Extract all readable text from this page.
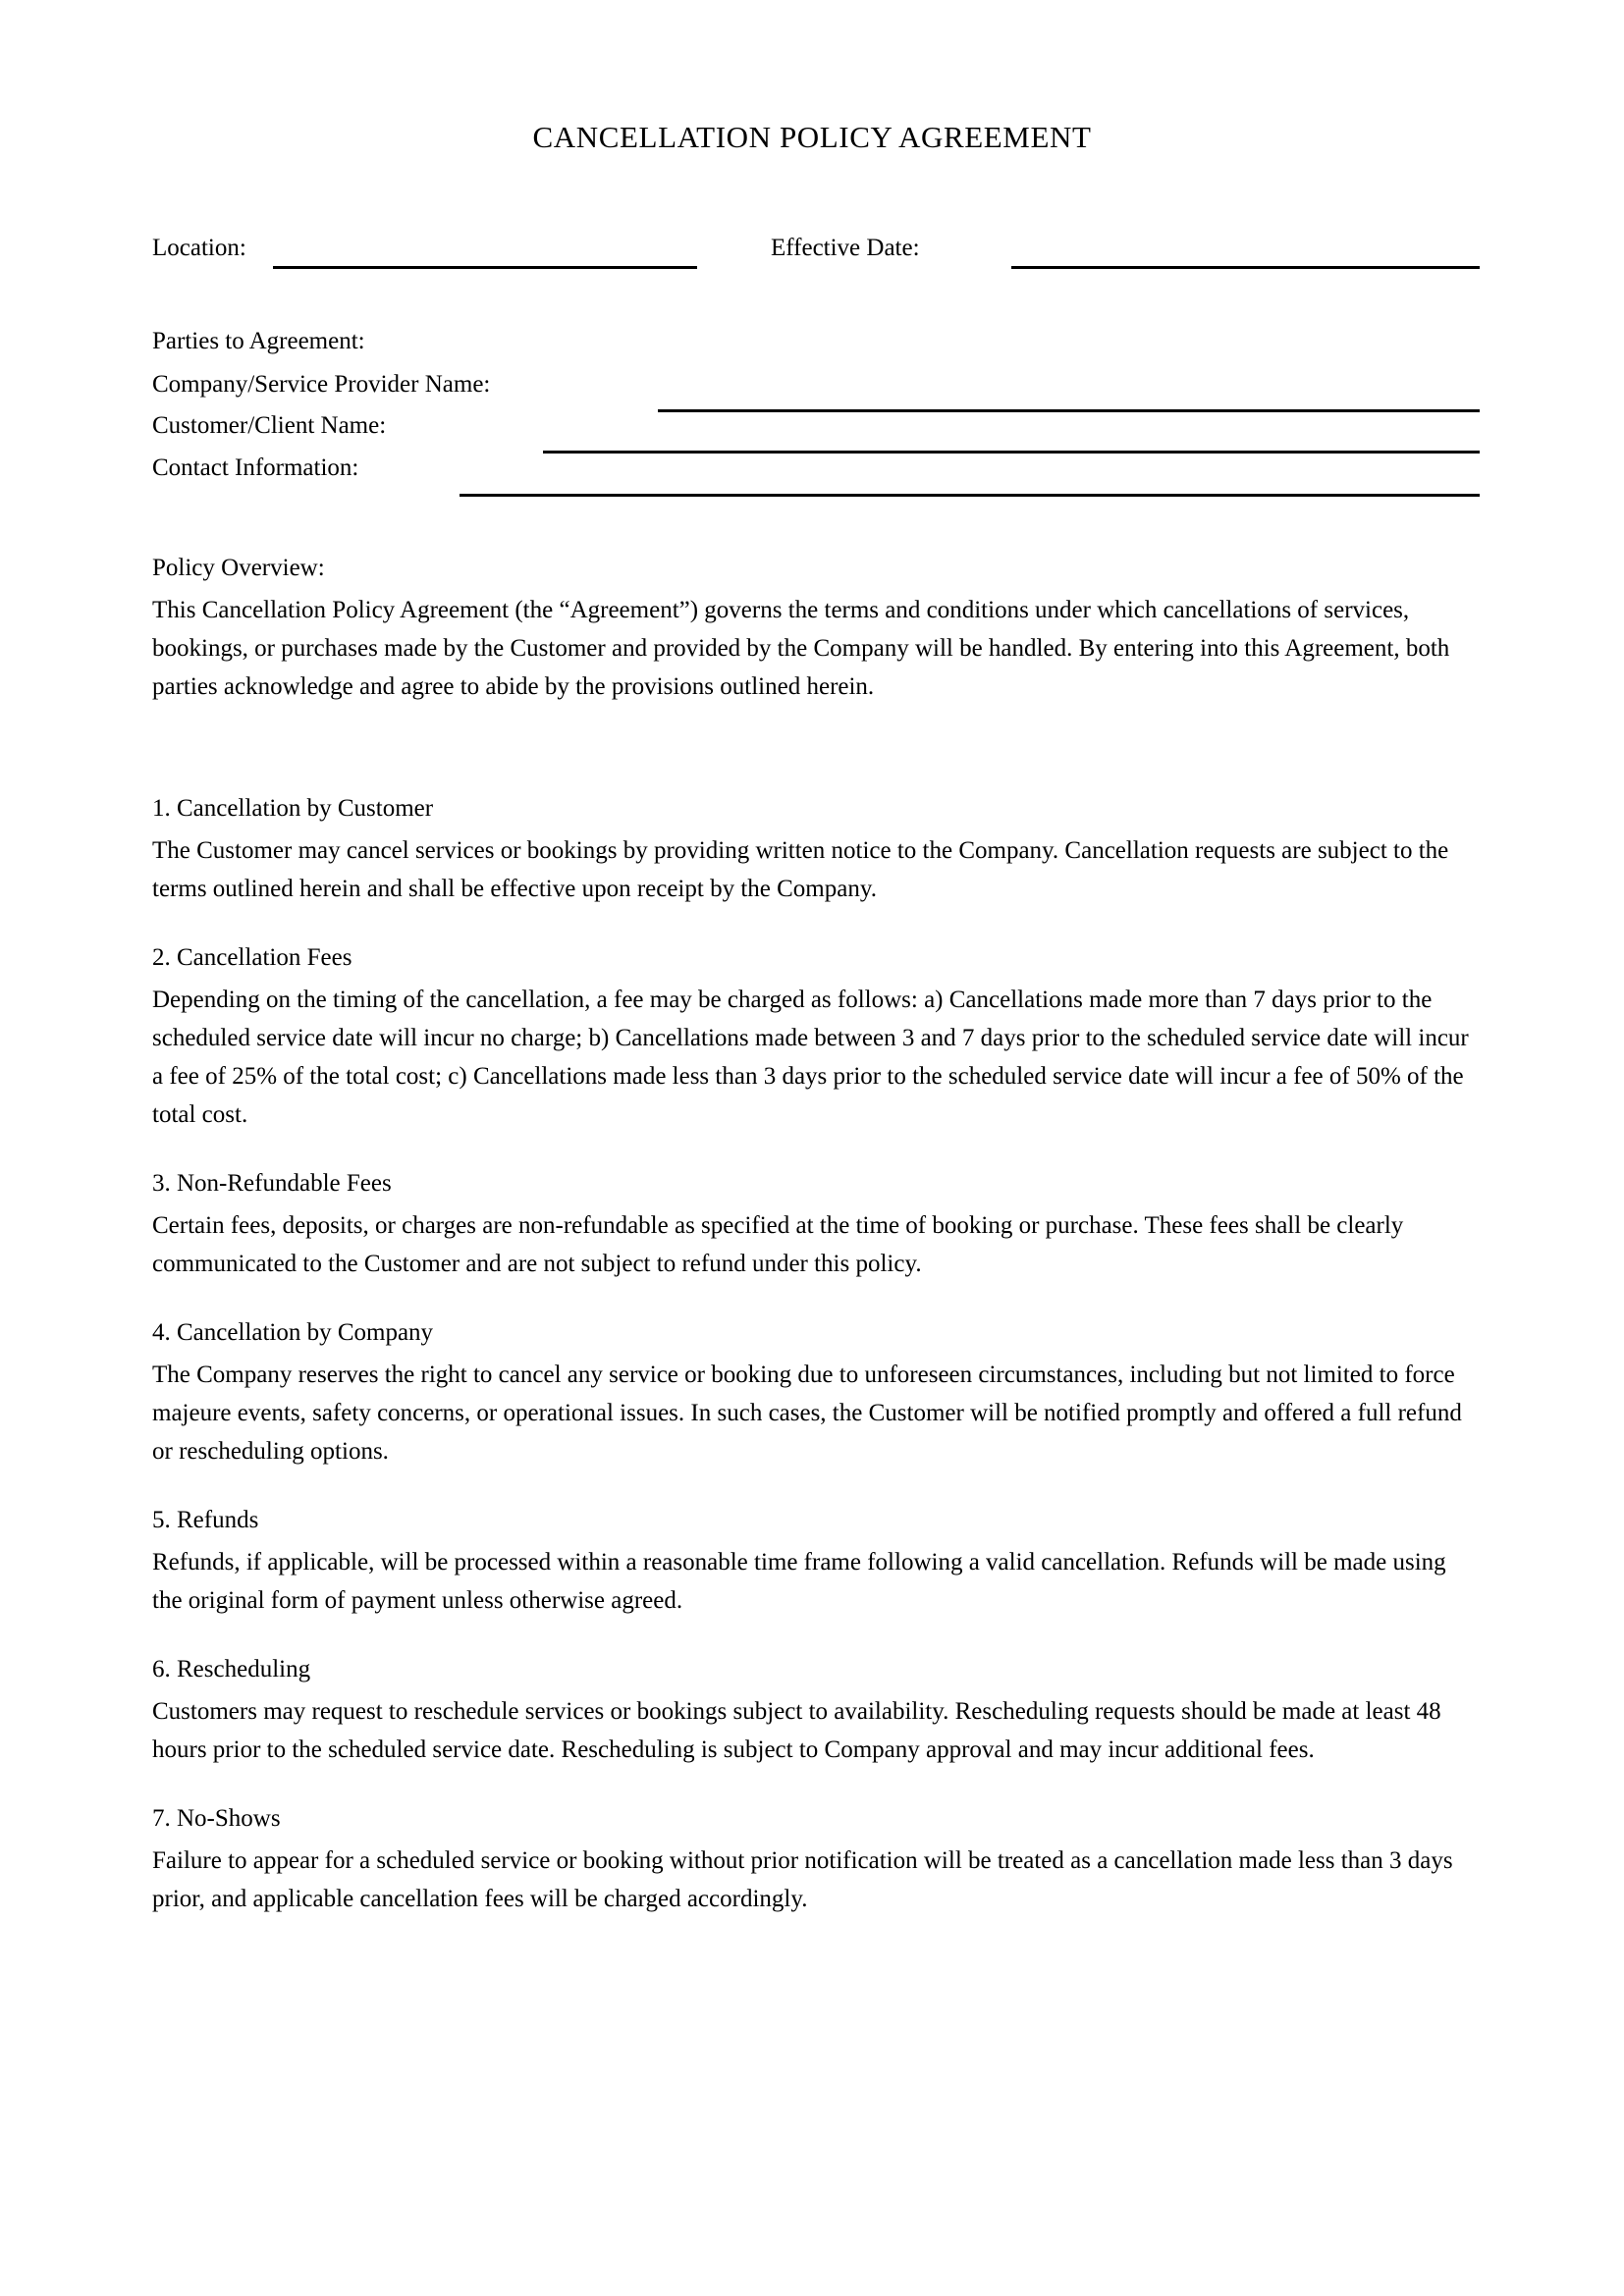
CANCELLATION POLICY AGREEMENT
Location:	Effective Date:
Parties to Agreement:
Company/Service Provider Name:
Customer/Client Name:
Contact Information:

Policy Overview:

This Cancellation Policy Agreement (the “Agreement”) governs the terms and conditions under which cancellations of services, bookings, or purchases made by the Customer and provided by the Company will be handled. By entering into this Agreement, both parties acknowledge and agree to abide by the provisions outlined herein.

1. Cancellation by Customer

The Customer may cancel services or bookings by providing written notice to the Company. Cancellation requests are subject to the terms outlined herein and shall be effective upon receipt by the Company.

2. Cancellation Fees

Depending on the timing of the cancellation, a fee may be charged as follows: a) Cancellations made more than 7 days prior to the scheduled service date will incur no charge; b) Cancellations made between 3 and 7 days prior to the scheduled service date will incur a fee of 25% of the total cost; c) Cancellations made less than 3 days prior to the scheduled service date will incur a fee of 50% of the total cost.

3. Non-Refundable Fees

Certain fees, deposits, or charges are non-refundable as specified at the time of booking or purchase. These fees shall be clearly communicated to the Customer and are not subject to refund under this policy.

4. Cancellation by Company

The Company reserves the right to cancel any service or booking due to unforeseen circumstances, including but not limited to force majeure events, safety concerns, or operational issues. In such cases, the Customer will be notified promptly and offered a full refund or rescheduling options.

5. Refunds

Refunds, if applicable, will be processed within a reasonable time frame following a valid cancellation. Refunds will be made using the original form of payment unless otherwise agreed.

6. Rescheduling

Customers may request to reschedule services or bookings subject to availability. Rescheduling requests should be made at least 48 hours prior to the scheduled service date. Rescheduling is subject to Company approval and may incur additional fees.

7. No-Shows

Failure to appear for a scheduled service or booking without prior notification will be treated as a cancellation made less than 3 days prior, and applicable cancellation fees will be charged accordingly.
